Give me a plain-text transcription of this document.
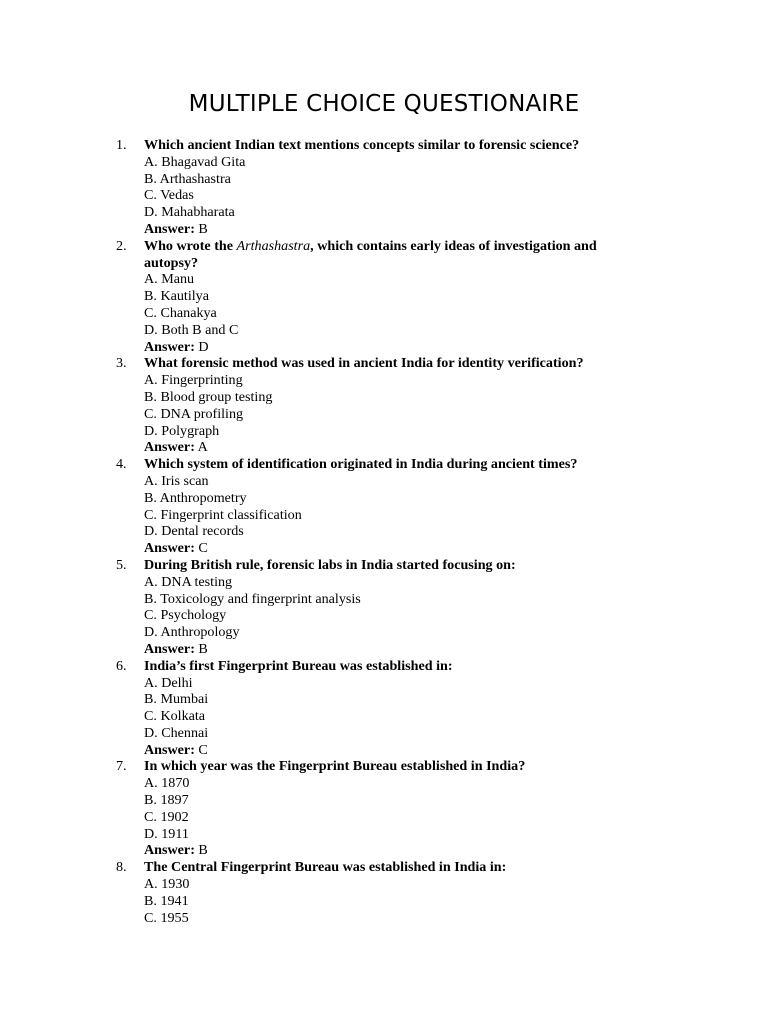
MULTIPLE CHOICE QUESTIONAIRE
1.	Which ancient Indian text mentions concepts similar to forensic science?
A. Bhagavad Gita
B. Arthashastra
C. Vedas
D. Mahabharata
Answer: B
2.	Who wrote the Arthashastra, which contains early ideas of investigation and autopsy?
A. Manu
B. Kautilya
C. Chanakya
D. Both B and C
Answer: D
3.	What forensic method was used in ancient India for identity verification?
A. Fingerprinting
B. Blood group testing
C. DNA profiling
D. Polygraph
Answer: A
4.	Which system of identification originated in India during ancient times?
A. Iris scan
B. Anthropometry
C. Fingerprint classification
D. Dental records
Answer: C
5.	During British rule, forensic labs in India started focusing on:
A. DNA testing
B. Toxicology and fingerprint analysis
C. Psychology
D. Anthropology
Answer: B
6.	India’s first Fingerprint Bureau was established in:
A. Delhi
B. Mumbai
C. Kolkata
D. Chennai
Answer: C
7.	In which year was the Fingerprint Bureau established in India?
A. 1870
B. 1897
C. 1902
D. 1911
Answer: B
8.	The Central Fingerprint Bureau was established in India in:
A. 1930
B. 1941
C. 1955
